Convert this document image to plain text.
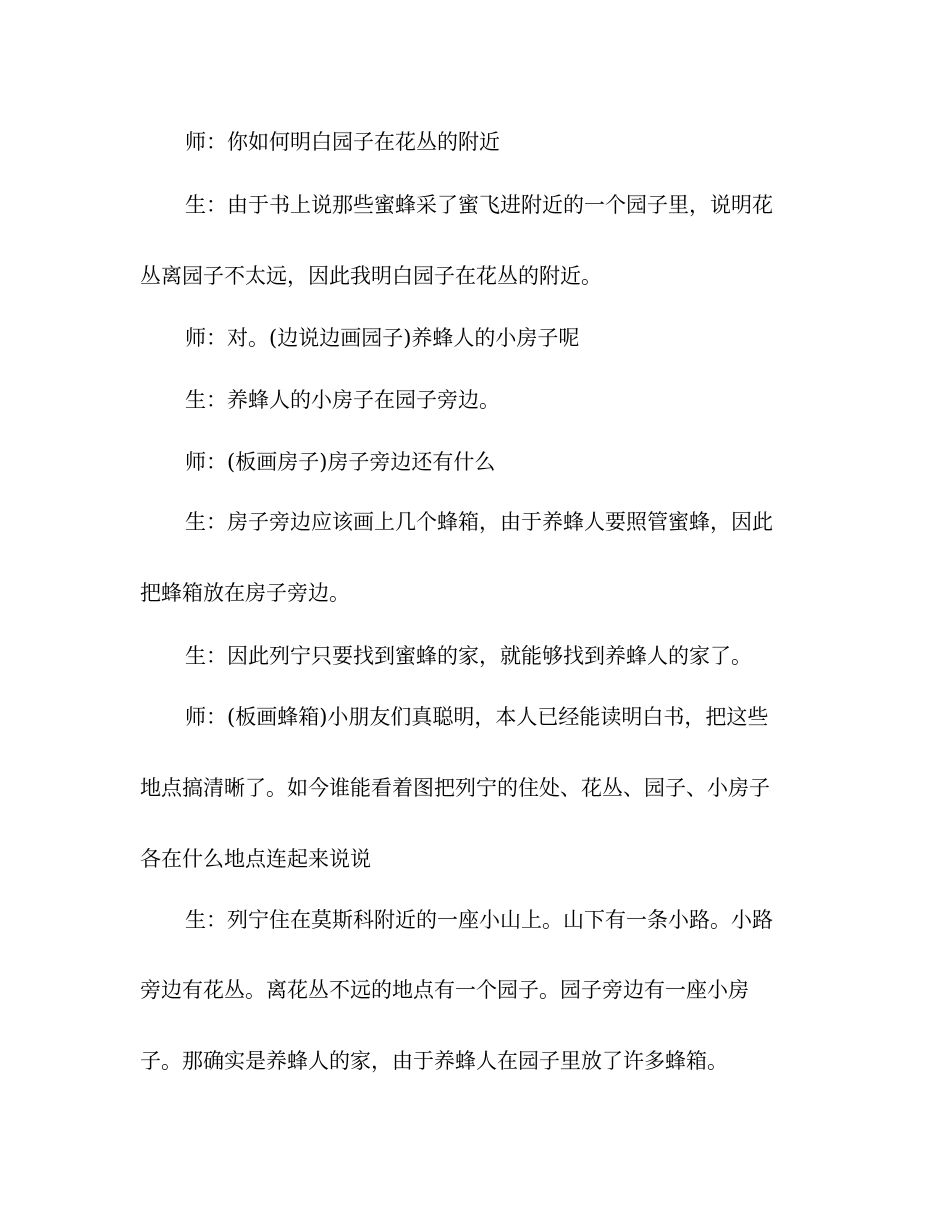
师：你如何明白园子在花丛的附近
生：由于书上说那些蜜蜂采了蜜飞进附近的一个园子里，说明花
丛离园子不太远，因此我明白园子在花丛的附近。
师：对。(边说边画园子)养蜂人的小房子呢
生：养蜂人的小房子在园子旁边。
师：(板画房子)房子旁边还有什么
生：房子旁边应该画上几个蜂箱，由于养蜂人要照管蜜蜂，因此
把蜂箱放在房子旁边。
生：因此列宁只要找到蜜蜂的家，就能够找到养蜂人的家了。
师：(板画蜂箱)小朋友们真聪明，本人已经能读明白书，把这些
地点搞清晰了。如今谁能看着图把列宁的住处、花丛、园子、小房子
各在什么地点连起来说说
生：列宁住在莫斯科附近的一座小山上。山下有一条小路。小路
旁边有花丛。离花丛不远的地点有一个园子。园子旁边有一座小房
子。那确实是养蜂人的家，由于养蜂人在园子里放了许多蜂箱。
